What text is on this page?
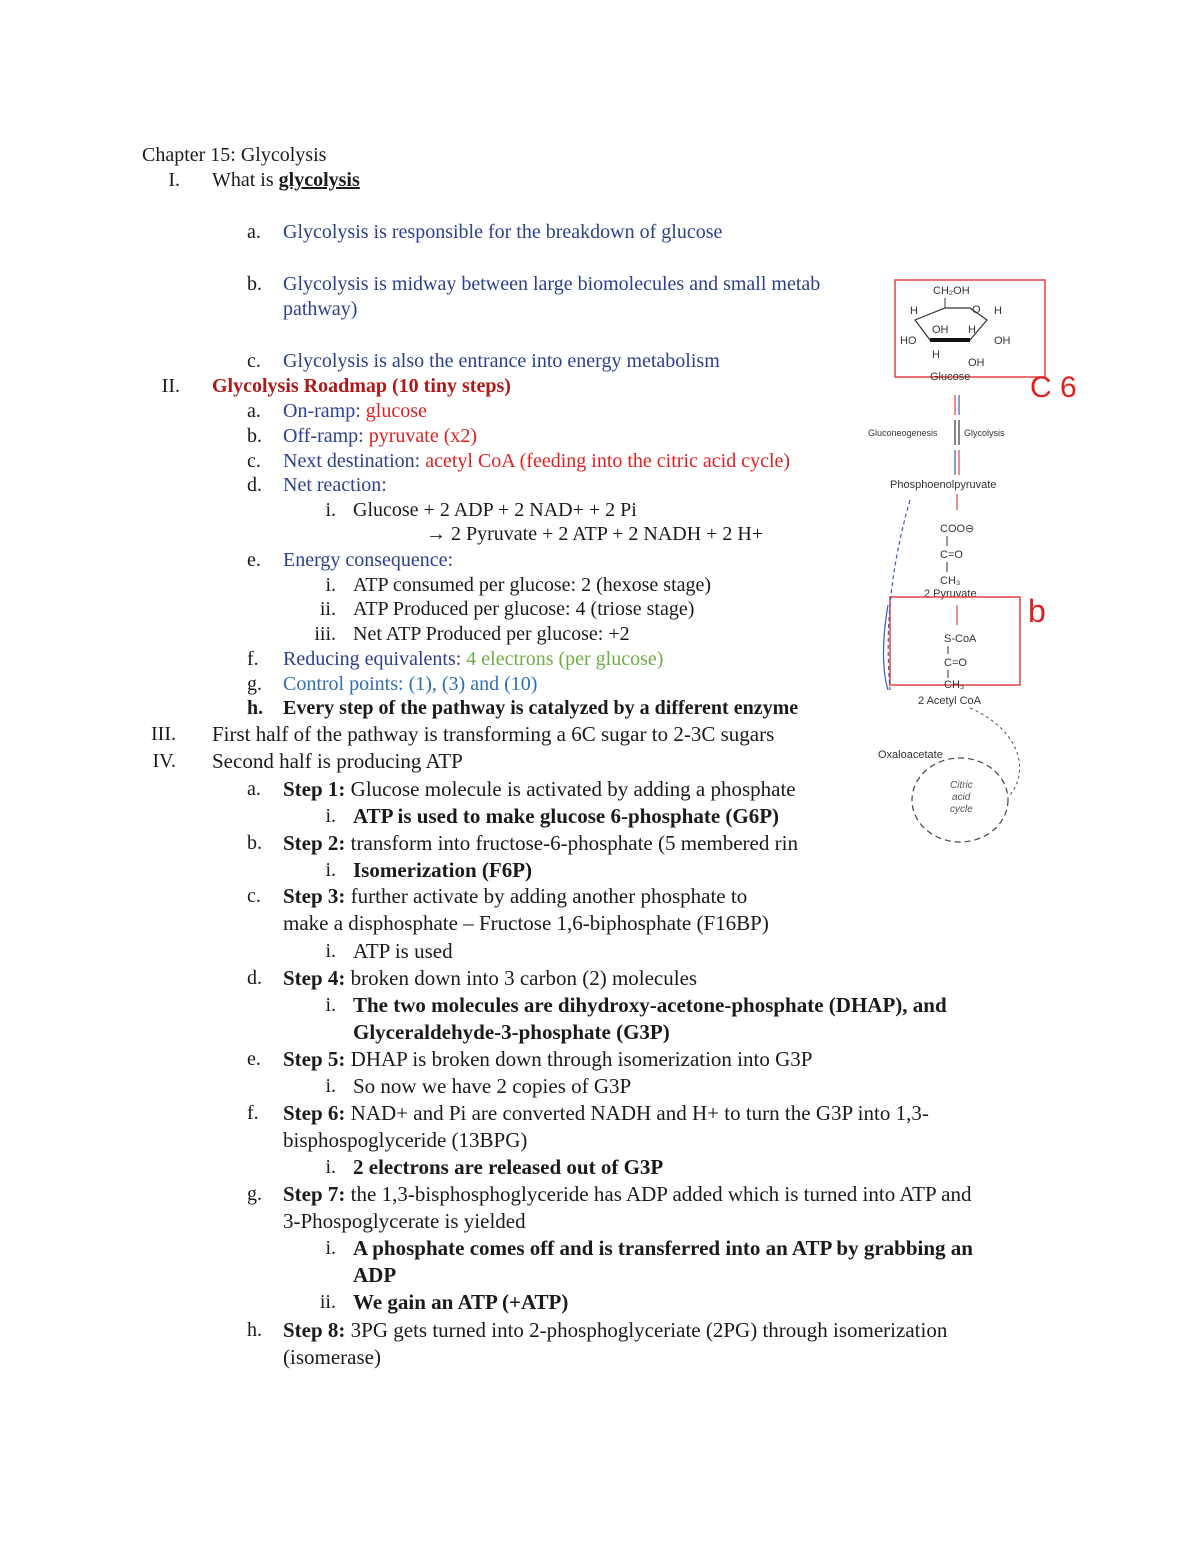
Chapter 15: Glycolysis
I. What is glycolysis
a. Glycolysis is responsible for the breakdown of glucose
b. Glycolysis is midway between large biomolecules and small metab
pathway)
c. Glycolysis is also the entrance into energy metabolism
II. Glycolysis Roadmap (10 tiny steps)
a. On-ramp: glucose
b. Off-ramp: pyruvate (x2)
c. Next destination: acetyl CoA (feeding into the citric acid cycle)
d. Net reaction:
i. Glucose + 2 ADP + 2 NAD+ + 2 Pi
→ 2 Pyruvate + 2 ATP + 2 NADH + 2 H+
e. Energy consequence:
i. ATP consumed per glucose: 2 (hexose stage)
ii. ATP Produced per glucose: 4 (triose stage)
iii. Net ATP Produced per glucose: +2
f. Reducing equivalents: 4 electrons (per glucose)
g. Control points: (1), (3) and (10)
h. Every step of the pathway is catalyzed by a different enzyme
III. First half of the pathway is transforming a 6C sugar to 2-3C sugars
IV. Second half is producing ATP
a. Step 1: Glucose molecule is activated by adding a phosphate
i. ATP is used to make glucose 6-phosphate (G6P)
b. Step 2: transform into fructose-6-phosphate (5 membered rin
i. Isomerization (F6P)
c. Step 3: further activate by adding another phosphate to
make a disphosphate – Fructose 1,6-biphosphate (F16BP)
i. ATP is used
d. Step 4: broken down into 3 carbon (2) molecules
i. The two molecules are dihydroxy-acetone-phosphate (DHAP), and
Glyceraldehyde-3-phosphate (G3P)
e. Step 5: DHAP is broken down through isomerization into G3P
i. So now we have 2 copies of G3P
f. Step 6: NAD+ and Pi are converted NADH and H+ to turn the G3P into 1,3-
bisphospoglyceride (13BPG)
i. 2 electrons are released out of G3P
g. Step 7: the 1,3-bisphosphoglyceride has ADP added which is turned into ATP and
3-Phospoglycerate is yielded
i. A phosphate comes off and is transferred into an ATP by grabbing an
ADP
ii. We gain an ATP (+ATP)
h. Step 8: 3PG gets turned into 2-phosphoglyceriate (2PG) through isomerization
(isomerase)
CH₂OH
O
H	H
OH H
HO	OH
H
OH
Glucose C 6
b
Gluconeogenesis	Glycolysis
Phosphoenolpyruvate
COO⊖
C=O
CH₃
2 Pyruvate
S-CoA
C=O
CH₃
2 Acetyl CoA
Oxaloacetate
Citric
acid
cycle
